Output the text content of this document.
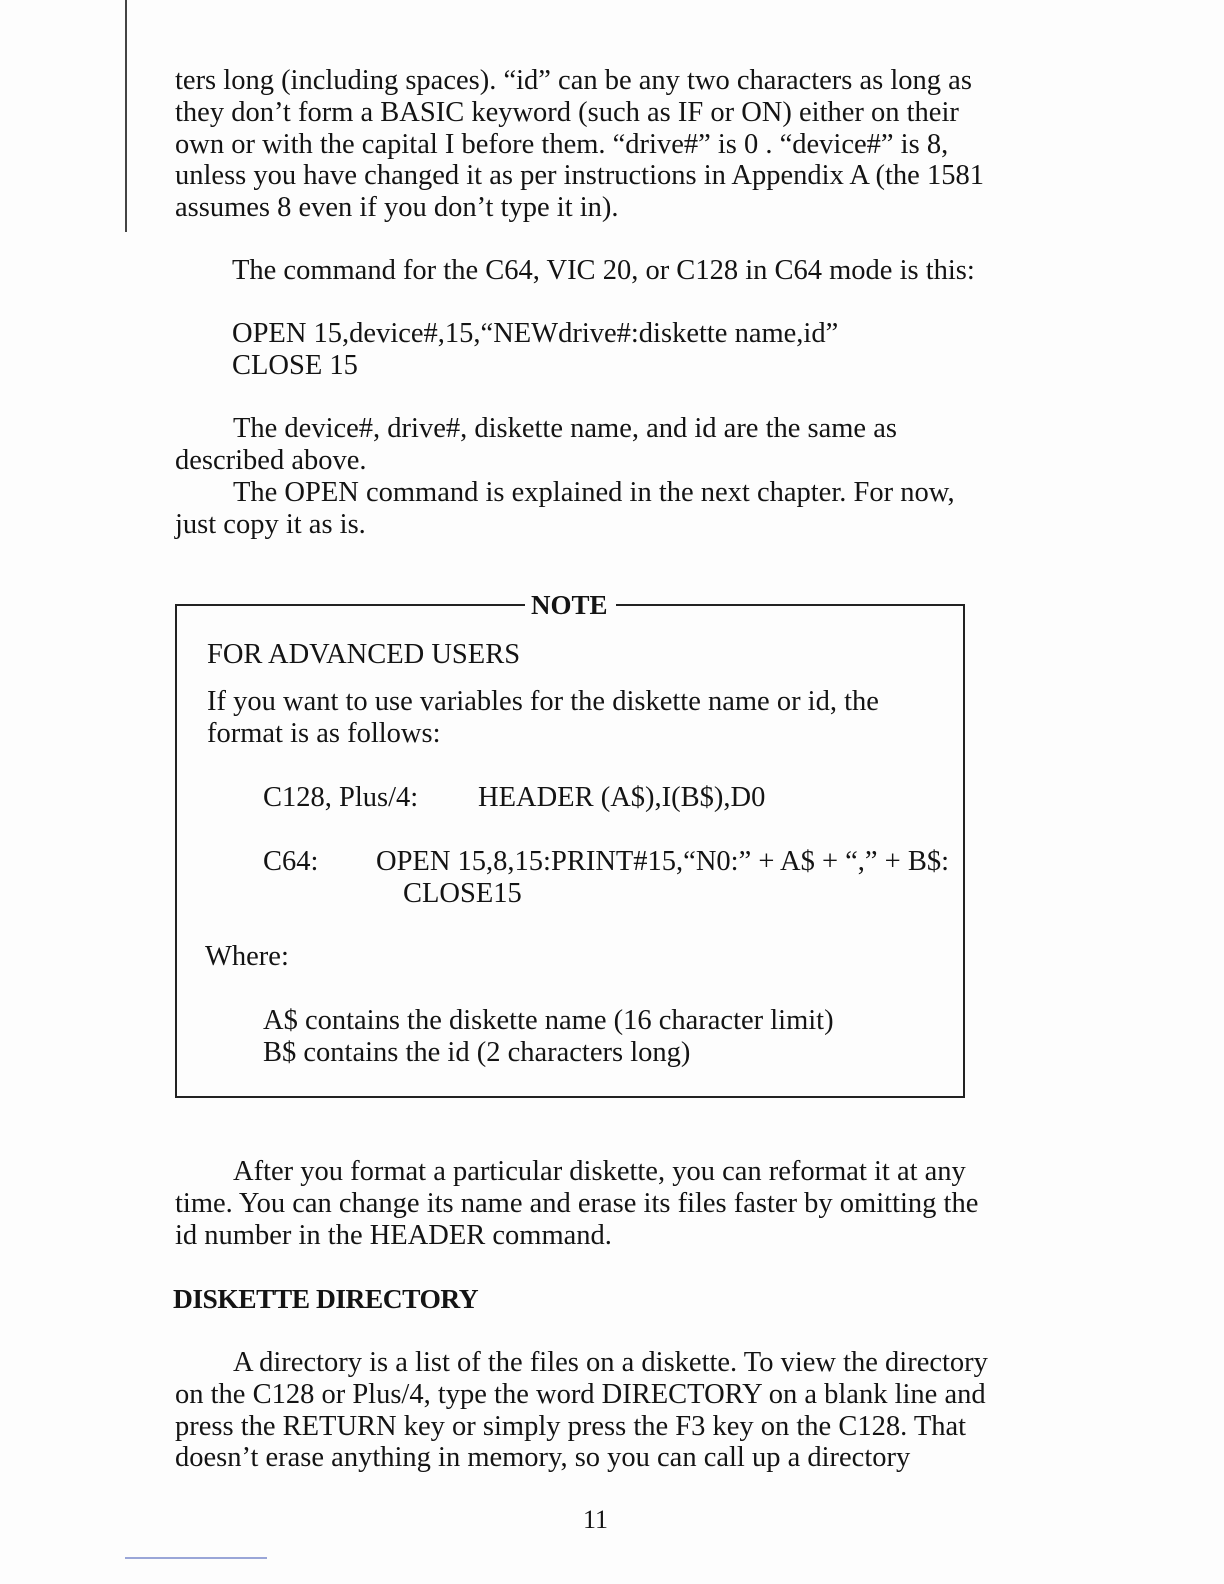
ters long (including spaces). “id” can be any two characters as long as
they don’t form a BASIC keyword (such as IF or ON) either on their
own or with the capital I before them. “drive#” is 0 . “device#” is 8,
unless you have changed it as per instructions in Appendix A (the 1581
assumes 8 even if you don’t type it in).
The command for the C64, VIC 20, or C128 in C64 mode is this:
OPEN 15,device#,15,“NEWdrive#:diskette name,id”
CLOSE 15
The device#, drive#, diskette name, and id are the same as
described above.
The OPEN command is explained in the next chapter. For now,
just copy it as is.
NOTE
FOR ADVANCED USERS
If you want to use variables for the diskette name or id, the
format is as follows:
C128, Plus/4: HEADER (A$),I(B$),D0
C64: OPEN 15,8,15:PRINT#15,“N0:” + A$ + “,” + B$:
CLOSE15
Where:
A$ contains the diskette name (16 character limit)
B$ contains the id (2 characters long)
After you format a particular diskette, you can reformat it at any
time. You can change its name and erase its files faster by omitting the
id number in the HEADER command.
DISKETTE DIRECTORY
A directory is a list of the files on a diskette. To view the directory
on the C128 or Plus/4, type the word DIRECTORY on a blank line and
press the RETURN key or simply press the F3 key on the C128. That
doesn’t erase anything in memory, so you can call up a directory
11
